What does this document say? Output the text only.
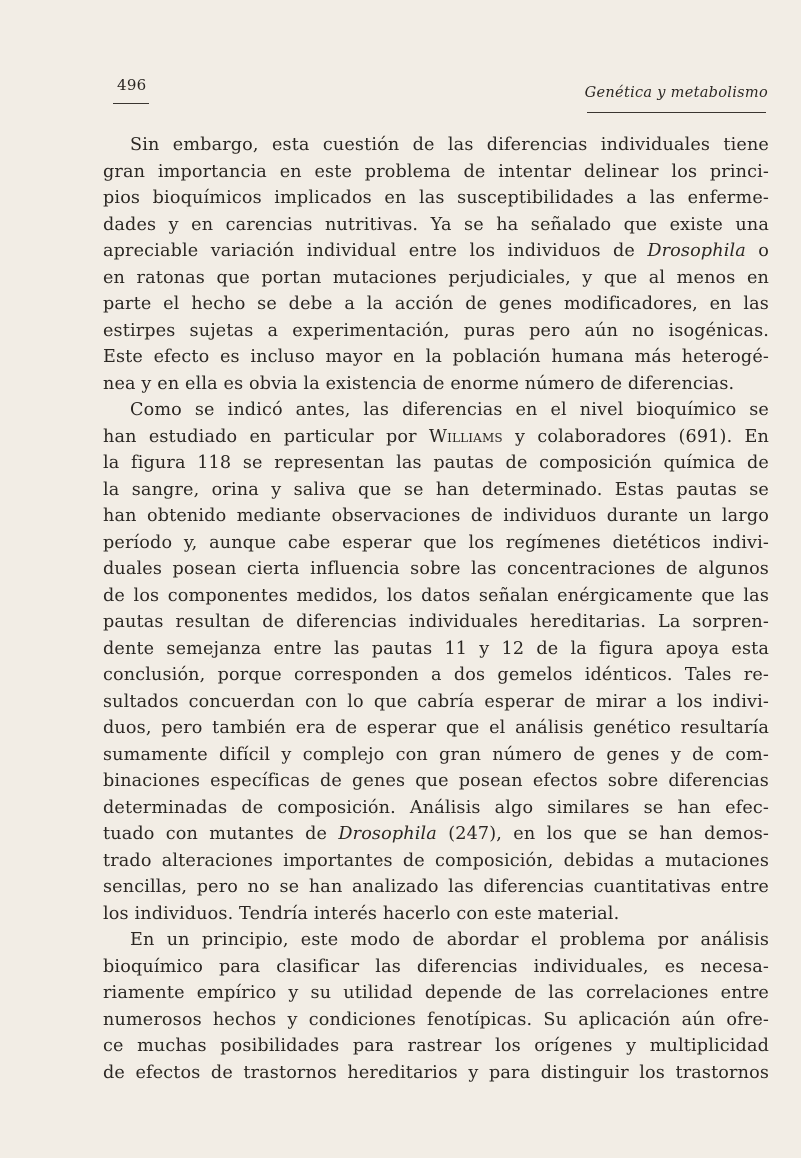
496	Genética y metabolismo
Sin embargo, esta cuestión de las diferencias individuales tiene
gran importancia en este problema de intentar delinear los princi-
pios bioquímicos implicados en las susceptibilidades a las enferme-
dades y en carencias nutritivas. Ya se ha señalado que existe una
apreciable variación individual entre los individuos de Drosophila o
en ratonas que portan mutaciones perjudiciales, y que al menos en
parte el hecho se debe a la acción de genes modificadores, en las
estirpes sujetas a experimentación, puras pero aún no isogénicas.
Este efecto es incluso mayor en la población humana más heterogé-
nea y en ella es obvia la existencia de enorme número de diferencias.
Como se indicó antes, las diferencias en el nivel bioquímico se
han estudiado en particular por Williams y colaboradores (691). En
la figura 118 se representan las pautas de composición química de
la sangre, orina y saliva que se han determinado. Estas pautas se
han obtenido mediante observaciones de individuos durante un largo
período y, aunque cabe esperar que los regímenes dietéticos indivi-
duales posean cierta influencia sobre las concentraciones de algunos
de los componentes medidos, los datos señalan enérgicamente que las
pautas resultan de diferencias individuales hereditarias. La sorpren-
dente semejanza entre las pautas 11 y 12 de la figura apoya esta
conclusión, porque corresponden a dos gemelos idénticos. Tales re-
sultados concuerdan con lo que cabría esperar de mirar a los indivi-
duos, pero también era de esperar que el análisis genético resultaría
sumamente difícil y complejo con gran número de genes y de com-
binaciones específicas de genes que posean efectos sobre diferencias
determinadas de composición. Análisis algo similares se han efec-
tuado con mutantes de Drosophila (247), en los que se han demos-
trado alteraciones importantes de composición, debidas a mutaciones
sencillas, pero no se han analizado las diferencias cuantitativas entre
los individuos. Tendría interés hacerlo con este material.
En un principio, este modo de abordar el problema por análisis
bioquímico para clasificar las diferencias individuales, es necesa-
riamente empírico y su utilidad depende de las correlaciones entre
numerosos hechos y condiciones fenotípicas. Su aplicación aún ofre-
ce muchas posibilidades para rastrear los orígenes y multiplicidad
de efectos de trastornos hereditarios y para distinguir los trastornos
